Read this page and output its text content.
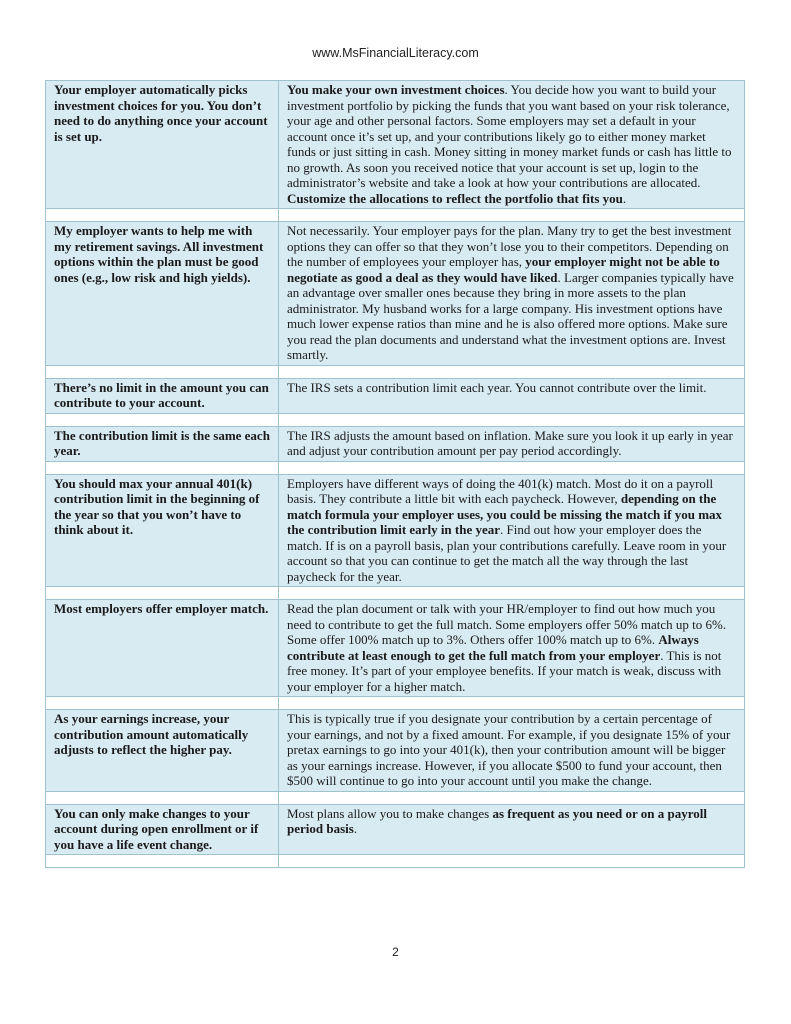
www.MsFinancialLiteracy.com
Your employer automatically picks investment choices for you. You don’t need to do anything once your account is set up.	You make your own investment choices. You decide how you want to build your investment portfolio by picking the funds that you want based on your risk tolerance, your age and other personal factors. Some employers may set a default in your account once it’s set up, and your contributions likely go to either money market funds or just sitting in cash. Money sitting in money market funds or cash has little to no growth. As soon you received notice that your account is set up, login to the administrator’s website and take a look at how your contributions are allocated. Customize the allocations to reflect the portfolio that fits you.

My employer wants to help me with my retirement savings. All investment options within the plan must be good ones (e.g., low risk and high yields).	Not necessarily. Your employer pays for the plan. Many try to get the best investment options they can offer so that they won’t lose you to their competitors. Depending on the number of employees your employer has, your employer might not be able to negotiate as good a deal as they would have liked. Larger companies typically have an advantage over smaller ones because they bring in more assets to the plan administrator. My husband works for a large company. His investment options have much lower expense ratios than mine and he is also offered more options. Make sure you read the plan documents and understand what the investment options are. Invest smartly.

There’s no limit in the amount you can contribute to your account.	The IRS sets a contribution limit each year. You cannot contribute over the limit.

The contribution limit is the same each year.	The IRS adjusts the amount based on inflation. Make sure you look it up early in year and adjust your contribution amount per pay period accordingly.

You should max your annual 401(k) contribution limit in the beginning of the year so that you won’t have to think about it.	Employers have different ways of doing the 401(k) match. Most do it on a payroll basis. They contribute a little bit with each paycheck. However, depending on the match formula your employer uses, you could be missing the match if you max the contribution limit early in the year. Find out how your employer does the match. If is on a payroll basis, plan your contributions carefully. Leave room in your account so that you can continue to get the match all the way through the last paycheck for the year.

Most employers offer employer match.	Read the plan document or talk with your HR/employer to find out how much you need to contribute to get the full match. Some employers offer 50% match up to 6%. Some offer 100% match up to 3%. Others offer 100% match up to 6%. Always contribute at least enough to get the full match from your employer. This is not free money. It’s part of your employee benefits. If your match is weak, discuss with your employer for a higher match.

As your earnings increase, your contribution amount automatically adjusts to reflect the higher pay.	This is typically true if you designate your contribution by a certain percentage of your earnings, and not by a fixed amount. For example, if you designate 15% of your pretax earnings to go into your 401(k), then your contribution amount will be bigger as your earnings increase. However, if you allocate $500 to fund your account, then $500 will continue to go into your account until you make the change.

You can only make changes to your account during open enrollment or if you have a life event change.	Most plans allow you to make changes as frequent as you need or on a payroll period basis.

2
